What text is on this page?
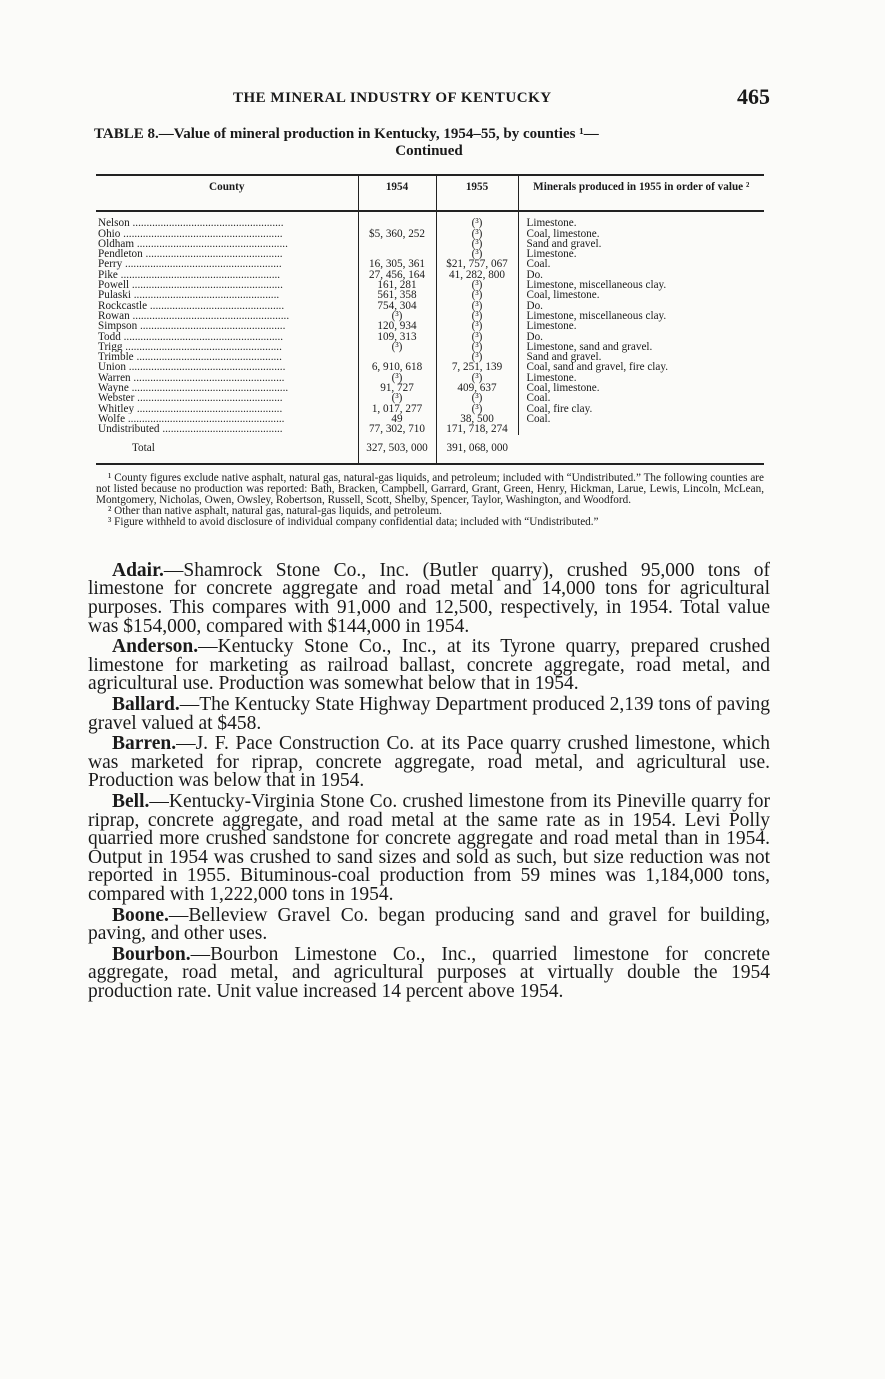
THE MINERAL INDUSTRY OF KENTUCKY	465
TABLE 8.—Value of mineral production in Kentucky, 1954–55, by counties ¹—
Continued
County	1954	1955	Minerals produced in 1955 in order of value ²
Nelson ......................................................		(³)	Limestone.
Ohio .........................................................	$5, 360, 252	(³)	Coal, limestone.
Oldham ......................................................		(³)	Sand and gravel.
Pendleton .................................................		(³)	Limestone.
Perry ........................................................	16, 305, 361	$21, 757, 067	Coal.
Pike .........................................................	27, 456, 164	41, 282, 800	Do.
Powell ......................................................	161, 281	(³)	Limestone, miscellaneous clay.
Pulaski ....................................................	561, 358	(³)	Coal, limestone.
Rockcastle ................................................	754, 304	(³)	Do.
Rowan ........................................................	(³)	(³)	Limestone, miscellaneous clay.
Simpson ....................................................	120, 934	(³)	Limestone.
Todd .........................................................	109, 313	(³)	Do.
Trigg ........................................................	(³)	(³)	Limestone, sand and gravel.
Trimble ....................................................		(³)	Sand and gravel.
Union ........................................................	6, 910, 618	7, 251, 139	Coal, sand and gravel, fire clay.
Warren ......................................................	(³)	(³)	Limestone.
Wayne ........................................................	91, 727	409, 637	Coal, limestone.
Webster ....................................................	(³)	(³)	Coal.
Whitley ....................................................	1, 017, 277	(³)	Coal, fire clay.
Wolfe ........................................................	49	38, 500	Coal.
Undistributed ...........................................	77, 302, 710	171, 718, 274	
Total	327, 503, 000	391, 068, 000	

¹ County figures exclude native asphalt, natural gas, natural-gas liquids, and petroleum; included with “Undistributed.” The following counties are not listed because no production was reported: Bath, Bracken, Campbell, Garrard, Grant, Green, Henry, Hickman, Larue, Lewis, Lincoln, McLean, Montgomery, Nicholas, Owen, Owsley, Robertson, Russell, Scott, Shelby, Spencer, Taylor, Washington, and Woodford.

² Other than native asphalt, natural gas, natural-gas liquids, and petroleum.

³ Figure withheld to avoid disclosure of individual company confidential data; included with “Undistributed.”

Adair.—Shamrock Stone Co., Inc. (Butler quarry), crushed 95,000 tons of limestone for concrete aggregate and road metal and 14,000 tons for agricultural purposes. This compares with 91,000 and 12,500, respectively, in 1954. Total value was $154,000, compared with $144,000 in 1954.

Anderson.—Kentucky Stone Co., Inc., at its Tyrone quarry, prepared crushed limestone for marketing as railroad ballast, concrete aggregate, road metal, and agricultural use. Production was somewhat below that in 1954.

Ballard.—The Kentucky State Highway Department produced 2,139 tons of paving gravel valued at $458.

Barren.—J. F. Pace Construction Co. at its Pace quarry crushed limestone, which was marketed for riprap, concrete aggregate, road metal, and agricultural use. Production was below that in 1954.

Bell.—Kentucky-Virginia Stone Co. crushed limestone from its Pineville quarry for riprap, concrete aggregate, and road metal at the same rate as in 1954. Levi Polly quarried more crushed sandstone for concrete aggregate and road metal than in 1954. Output in 1954 was crushed to sand sizes and sold as such, but size reduction was not reported in 1955. Bituminous-coal production from 59 mines was 1,184,000 tons, compared with 1,222,000 tons in 1954.

Boone.—Belleview Gravel Co. began producing sand and gravel for building, paving, and other uses.

Bourbon.—Bourbon Limestone Co., Inc., quarried limestone for concrete aggregate, road metal, and agricultural purposes at virtually double the 1954 production rate. Unit value increased 14 percent above 1954.
